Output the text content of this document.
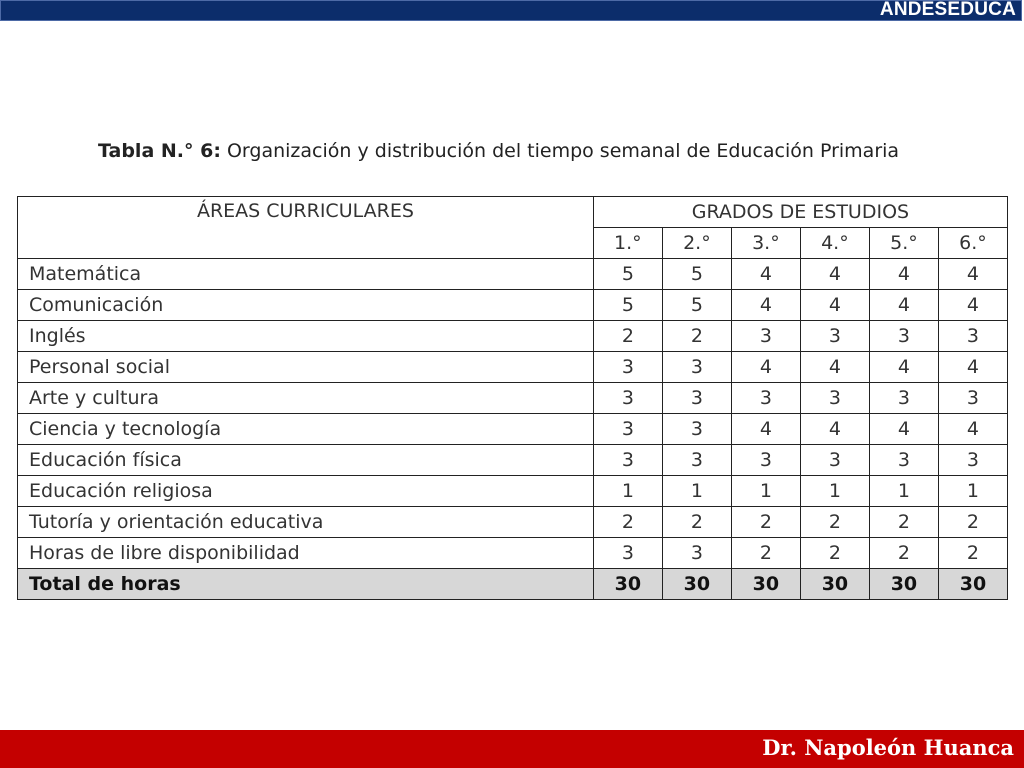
ANDESEDUCA
Tabla N.° 6: Organización y distribución del tiempo semanal de Educación Primaria
ÁREAS CURRICULARES	GRADOS DE ESTUDIOS					
	1.°	2.°	3.°	4.°	5.°	6.°
Matemática	5	5	4	4	4	4
Comunicación	5	5	4	4	4	4
Inglés	2	2	3	3	3	3
Personal social	3	3	4	4	4	4
Arte y cultura	3	3	3	3	3	3
Ciencia y tecnología	3	3	4	4	4	4
Educación física	3	3	3	3	3	3
Educación religiosa	1	1	1	1	1	1
Tutoría y orientación educativa	2	2	2	2	2	2
Horas de libre disponibilidad	3	3	2	2	2	2
Total de horas	30	30	30	30	30	30
Dr. Napoleón Huanca
